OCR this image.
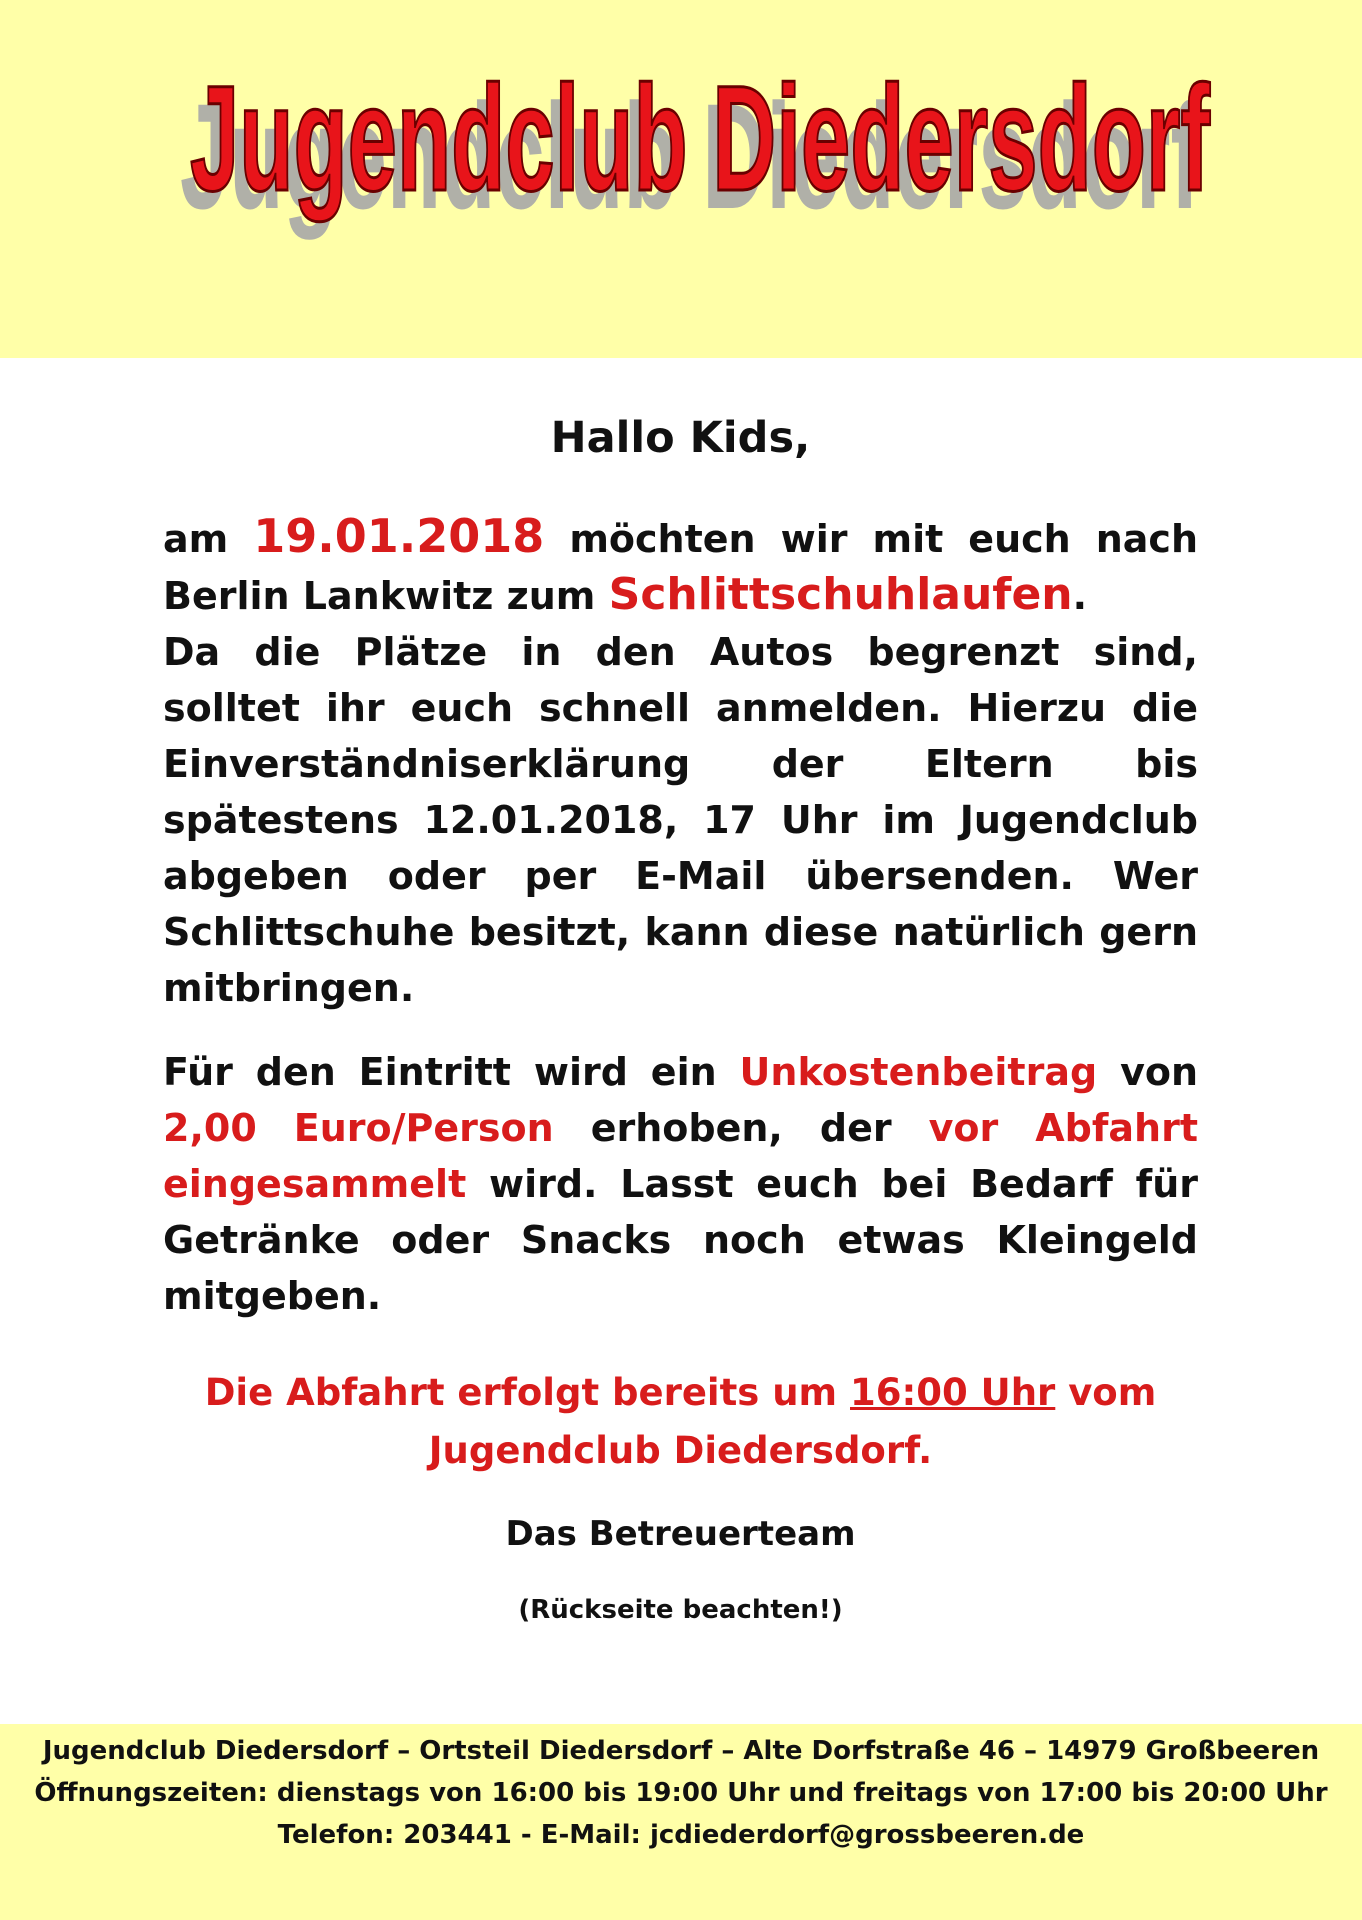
Jugendclub Diedersdorf
Jugendclub Diedersdorf
Hallo Kids,

am 19.01.2018 möchten wir mit euch nach Berlin Lankwitz zum Schlittschuhlaufen.
Da die Plätze in den Autos begrenzt sind, solltet ihr euch schnell anmelden. Hierzu die Einverständniserklärung der Eltern bis spätestens 12.01.2018, 17 Uhr im Jugendclub abgeben oder per E-Mail übersenden. Wer Schlittschuhe besitzt, kann diese natürlich gern mitbringen.

Für den Eintritt wird ein Unkostenbeitrag von 2,00 Euro/Person erhoben, der vor Abfahrt eingesammelt wird. Lasst euch bei Bedarf für Getränke oder Snacks noch etwas Kleingeld mitgeben.

Die Abfahrt erfolgt bereits um 16:00 Uhr vom
Jugendclub Diedersdorf.
Das Betreuerteam
(Rückseite beachten!)
Jugendclub Diedersdorf – Ortsteil Diedersdorf – Alte Dorfstraße 46 – 14979 Großbeeren
Öffnungszeiten: dienstags von 16:00 bis 19:00 Uhr und freitags von 17:00 bis 20:00 Uhr
Telefon: 203441 - E-Mail: jcdiederdorf@grossbeeren.de
